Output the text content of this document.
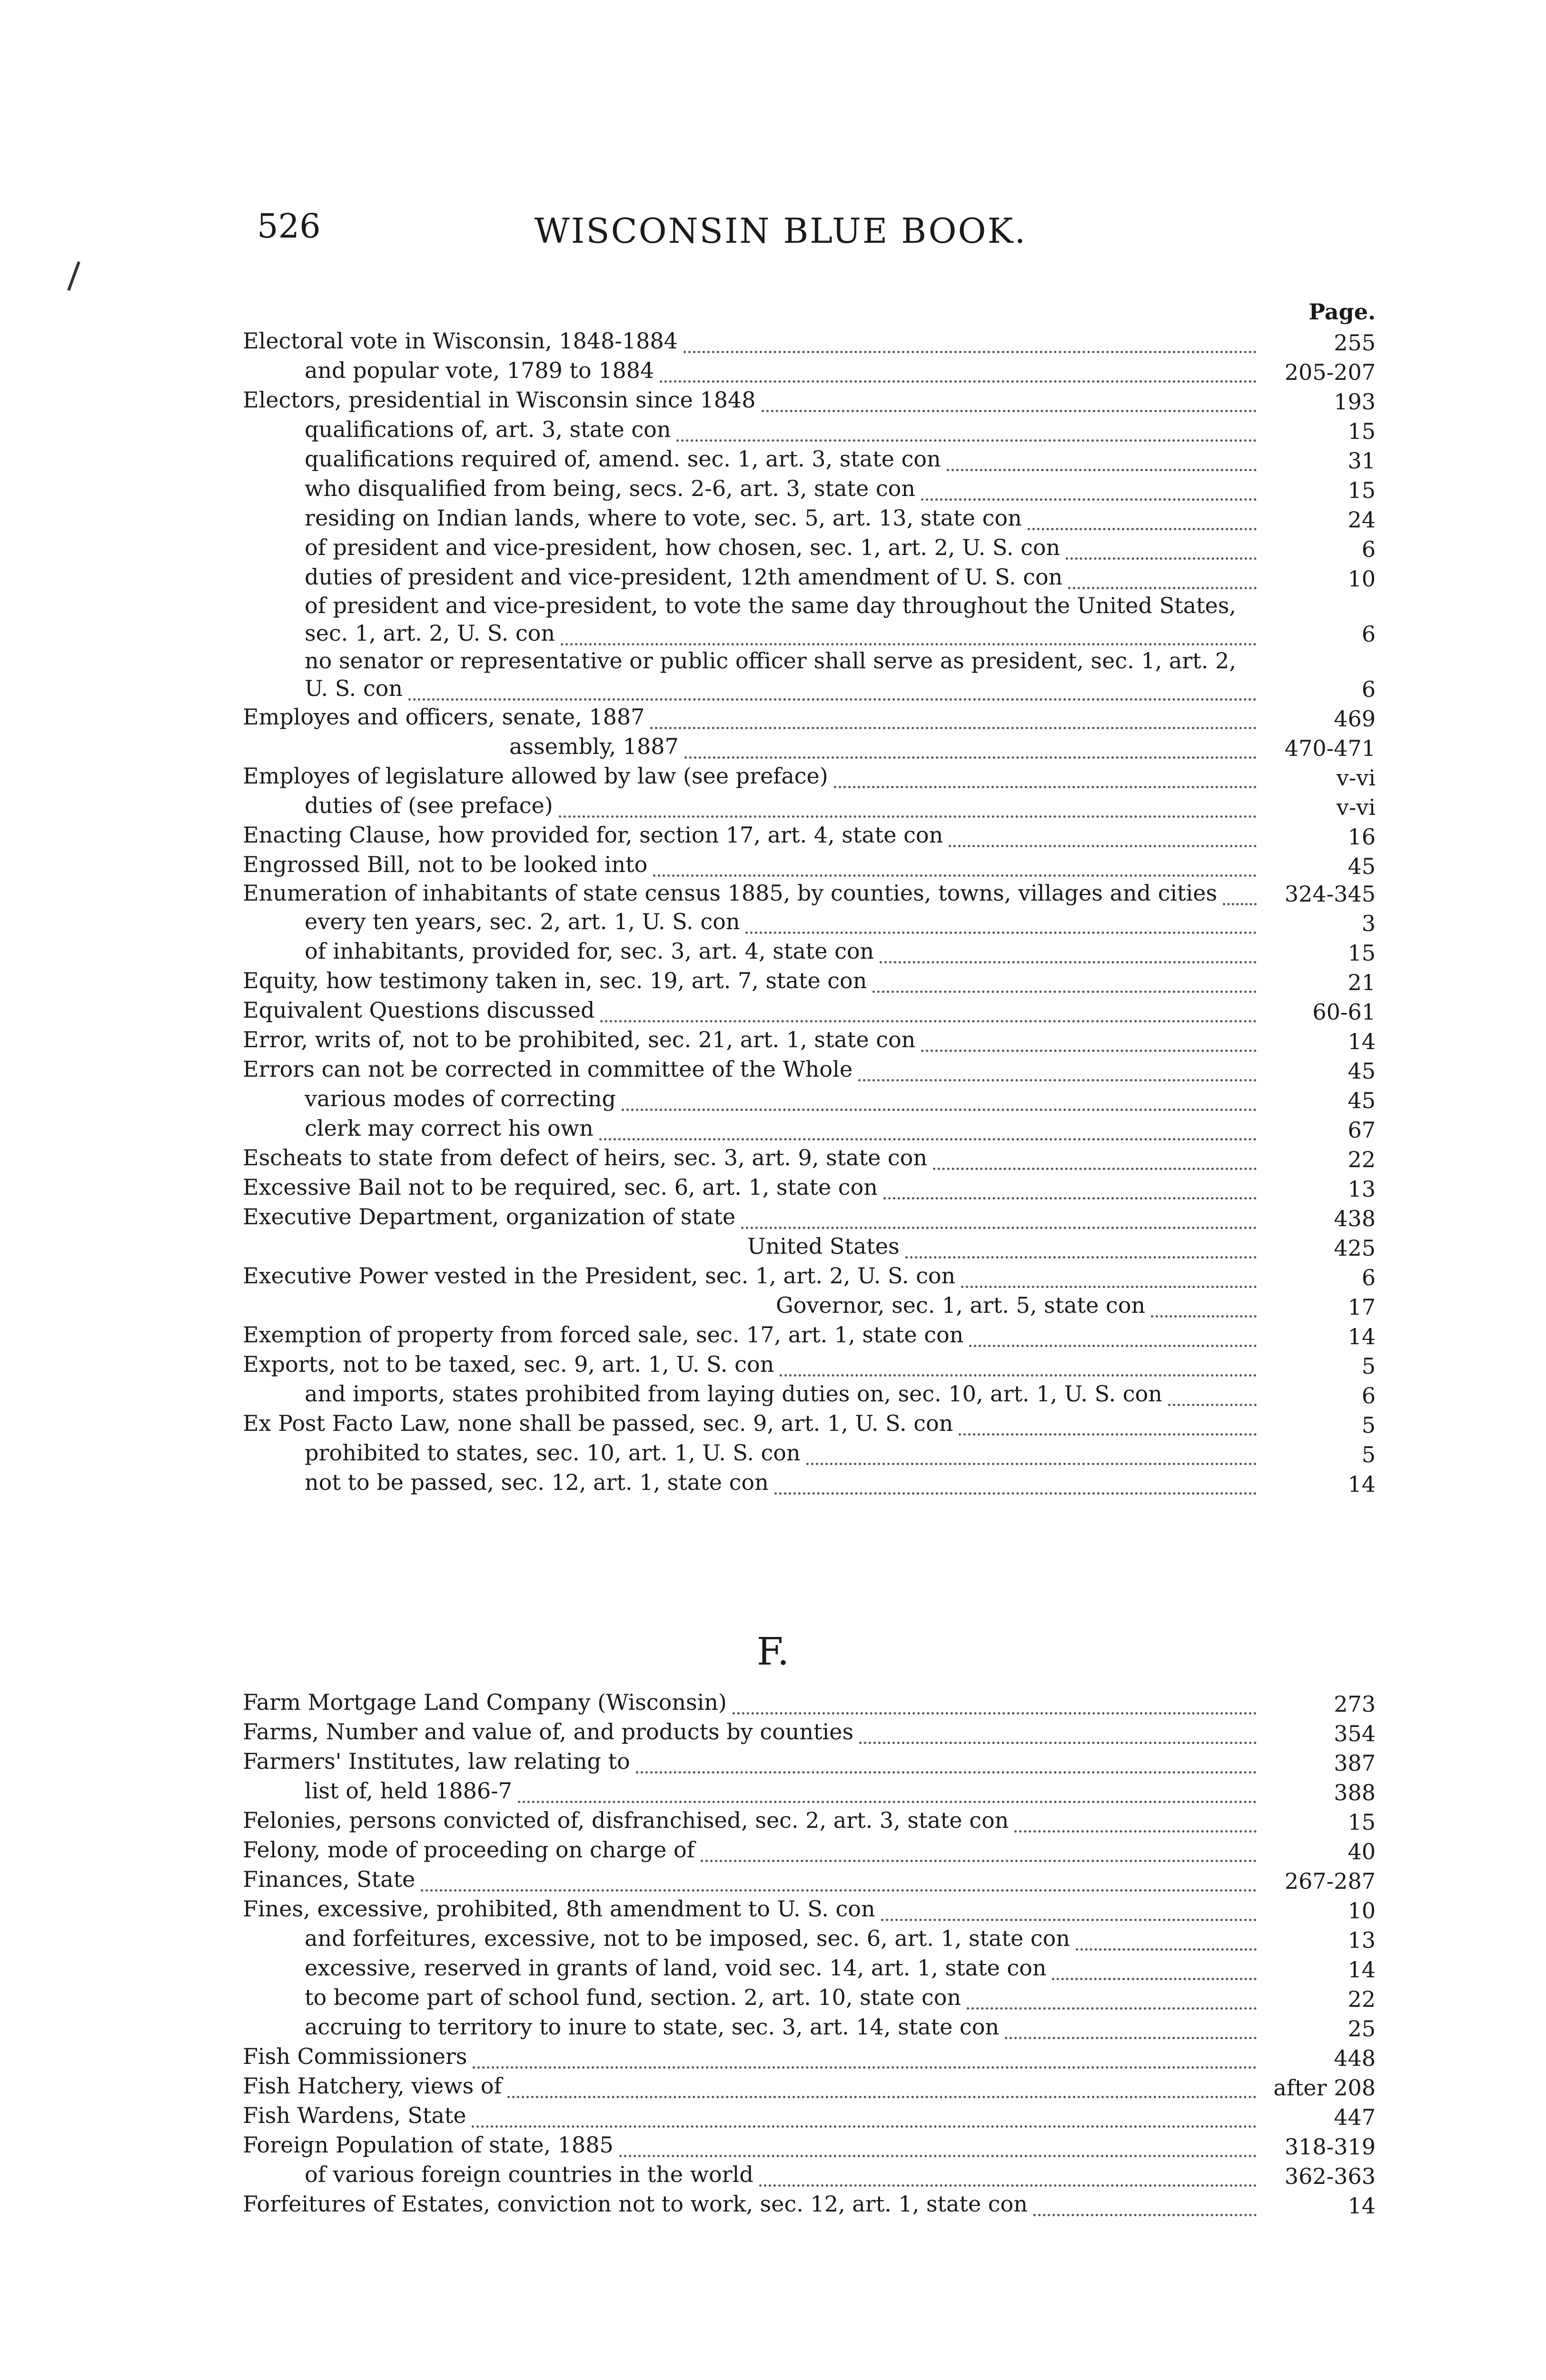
526	WISCONSIN BLUE BOOK.
Page.
Electoral vote in Wisconsin, 1848-1884	255
and popular vote, 1789 to 1884	205-207
Electors, presidential in Wisconsin since 1848	193
qualifications of, art. 3, state con	15
qualifications required of, amend. sec. 1, art. 3, state con	31
who disqualified from being, secs. 2-6, art. 3, state con	15
residing on Indian lands, where to vote, sec. 5, art. 13, state con	24
of president and vice-president, how chosen, sec. 1, art. 2, U. S. con	6
duties of president and vice-president, 12th amendment of U. S. con	10
of president and vice-president, to vote the same day throughout the United States, sec. 1, art. 2, U. S. con	6
no senator or representative or public officer shall serve as president, sec. 1, art. 2, U. S. con	6
Employes and officers, senate, 1887	469
assembly, 1887	470-471
Employes of legislature allowed by law (see preface)	v-vi
duties of (see preface)	v-vi
Enacting Clause, how provided for, section 17, art. 4, state con	16
Engrossed Bill, not to be looked into	45
Enumeration of inhabitants of state census 1885, by counties, towns, villages and cities	324-345
every ten years, sec. 2, art. 1, U. S. con	3
of inhabitants, provided for, sec. 3, art. 4, state con	15
Equity, how testimony taken in, sec. 19, art. 7, state con	21
Equivalent Questions discussed	60-61
Error, writs of, not to be prohibited, sec. 21, art. 1, state con	14
Errors can not be corrected in committee of the Whole	45
various modes of correcting	45
clerk may correct his own	67
Escheats to state from defect of heirs, sec. 3, art. 9, state con	22
Excessive Bail not to be required, sec. 6, art. 1, state con	13
Executive Department, organization of state	438
United States	425
Executive Power vested in the President, sec. 1, art. 2, U. S. con	6
Governor, sec. 1, art. 5, state con	17
Exemption of property from forced sale, sec. 17, art. 1, state con	14
Exports, not to be taxed, sec. 9, art. 1, U. S. con	5
and imports, states prohibited from laying duties on, sec. 10, art. 1, U. S. con	6
Ex Post Facto Law, none shall be passed, sec. 9, art. 1, U. S. con	5
prohibited to states, sec. 10, art. 1, U. S. con	5
not to be passed, sec. 12, art. 1, state con	14
F.
Farm Mortgage Land Company (Wisconsin)	273
Farms, Number and value of, and products by counties	354
Farmers' Institutes, law relating to	387
list of, held 1886-7	388
Felonies, persons convicted of, disfranchised, sec. 2, art. 3, state con	15
Felony, mode of proceeding on charge of	40
Finances, State	267-287
Fines, excessive, prohibited, 8th amendment to U. S. con	10
and forfeitures, excessive, not to be imposed, sec. 6, art. 1, state con	13
excessive, reserved in grants of land, void sec. 14, art. 1, state con	14
to become part of school fund, section. 2, art. 10, state con	22
accruing to territory to inure to state, sec. 3, art. 14, state con	25
Fish Commissioners	448
Fish Hatchery, views of	after 208
Fish Wardens, State	447
Foreign Population of state, 1885	318-319
of various foreign countries in the world	362-363
Forfeitures of Estates, conviction not to work, sec. 12, art. 1, state con	14
